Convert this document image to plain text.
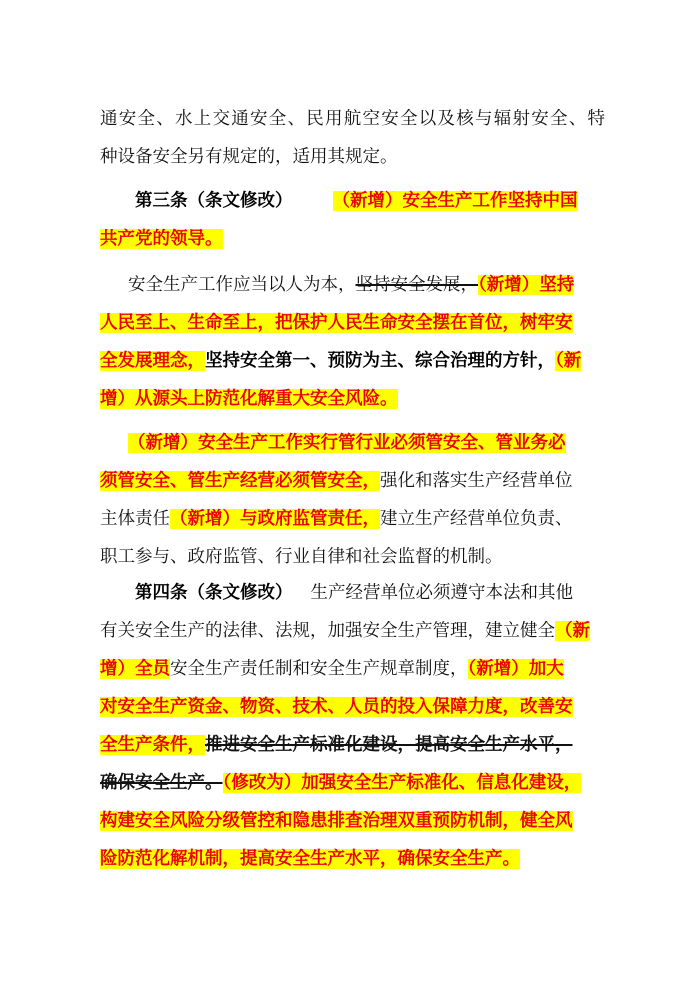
通安全、水上交通安全、民用航空安全以及核与辐射安全、特
种设备安全另有规定的，适用其规定。
第三条（条文修改） （新增）安全生产工作坚持中国
共产党的领导。
安全生产工作应当以人为本，坚持安全发展，（新增）坚持
人民至上、生命至上，把保护人民生命安全摆在首位，树牢安
全发展理念，坚持安全第一、预防为主、综合治理的方针，（新
增）从源头上防范化解重大安全风险。
（新增）安全生产工作实行管行业必须管安全、管业务必
须管安全、管生产经营必须管安全，强化和落实生产经营单位
主体责任（新增）与政府监管责任，建立生产经营单位负责、
职工参与、政府监管、行业自律和社会监督的机制。
第四条（条文修改） 生产经营单位必须遵守本法和其他
有关安全生产的法律、法规，加强安全生产管理，建立健全（新
增）全员安全生产责任制和安全生产规章制度，（新增）加大
对安全生产资金、物资、技术、人员的投入保障力度，改善安
全生产条件，推进安全生产标准化建设，提高安全生产水平，
确保安全生产。（修改为）加强安全生产标准化、信息化建设，
构建安全风险分级管控和隐患排查治理双重预防机制，健全风
险防范化解机制，提高安全生产水平，确保安全生产。
